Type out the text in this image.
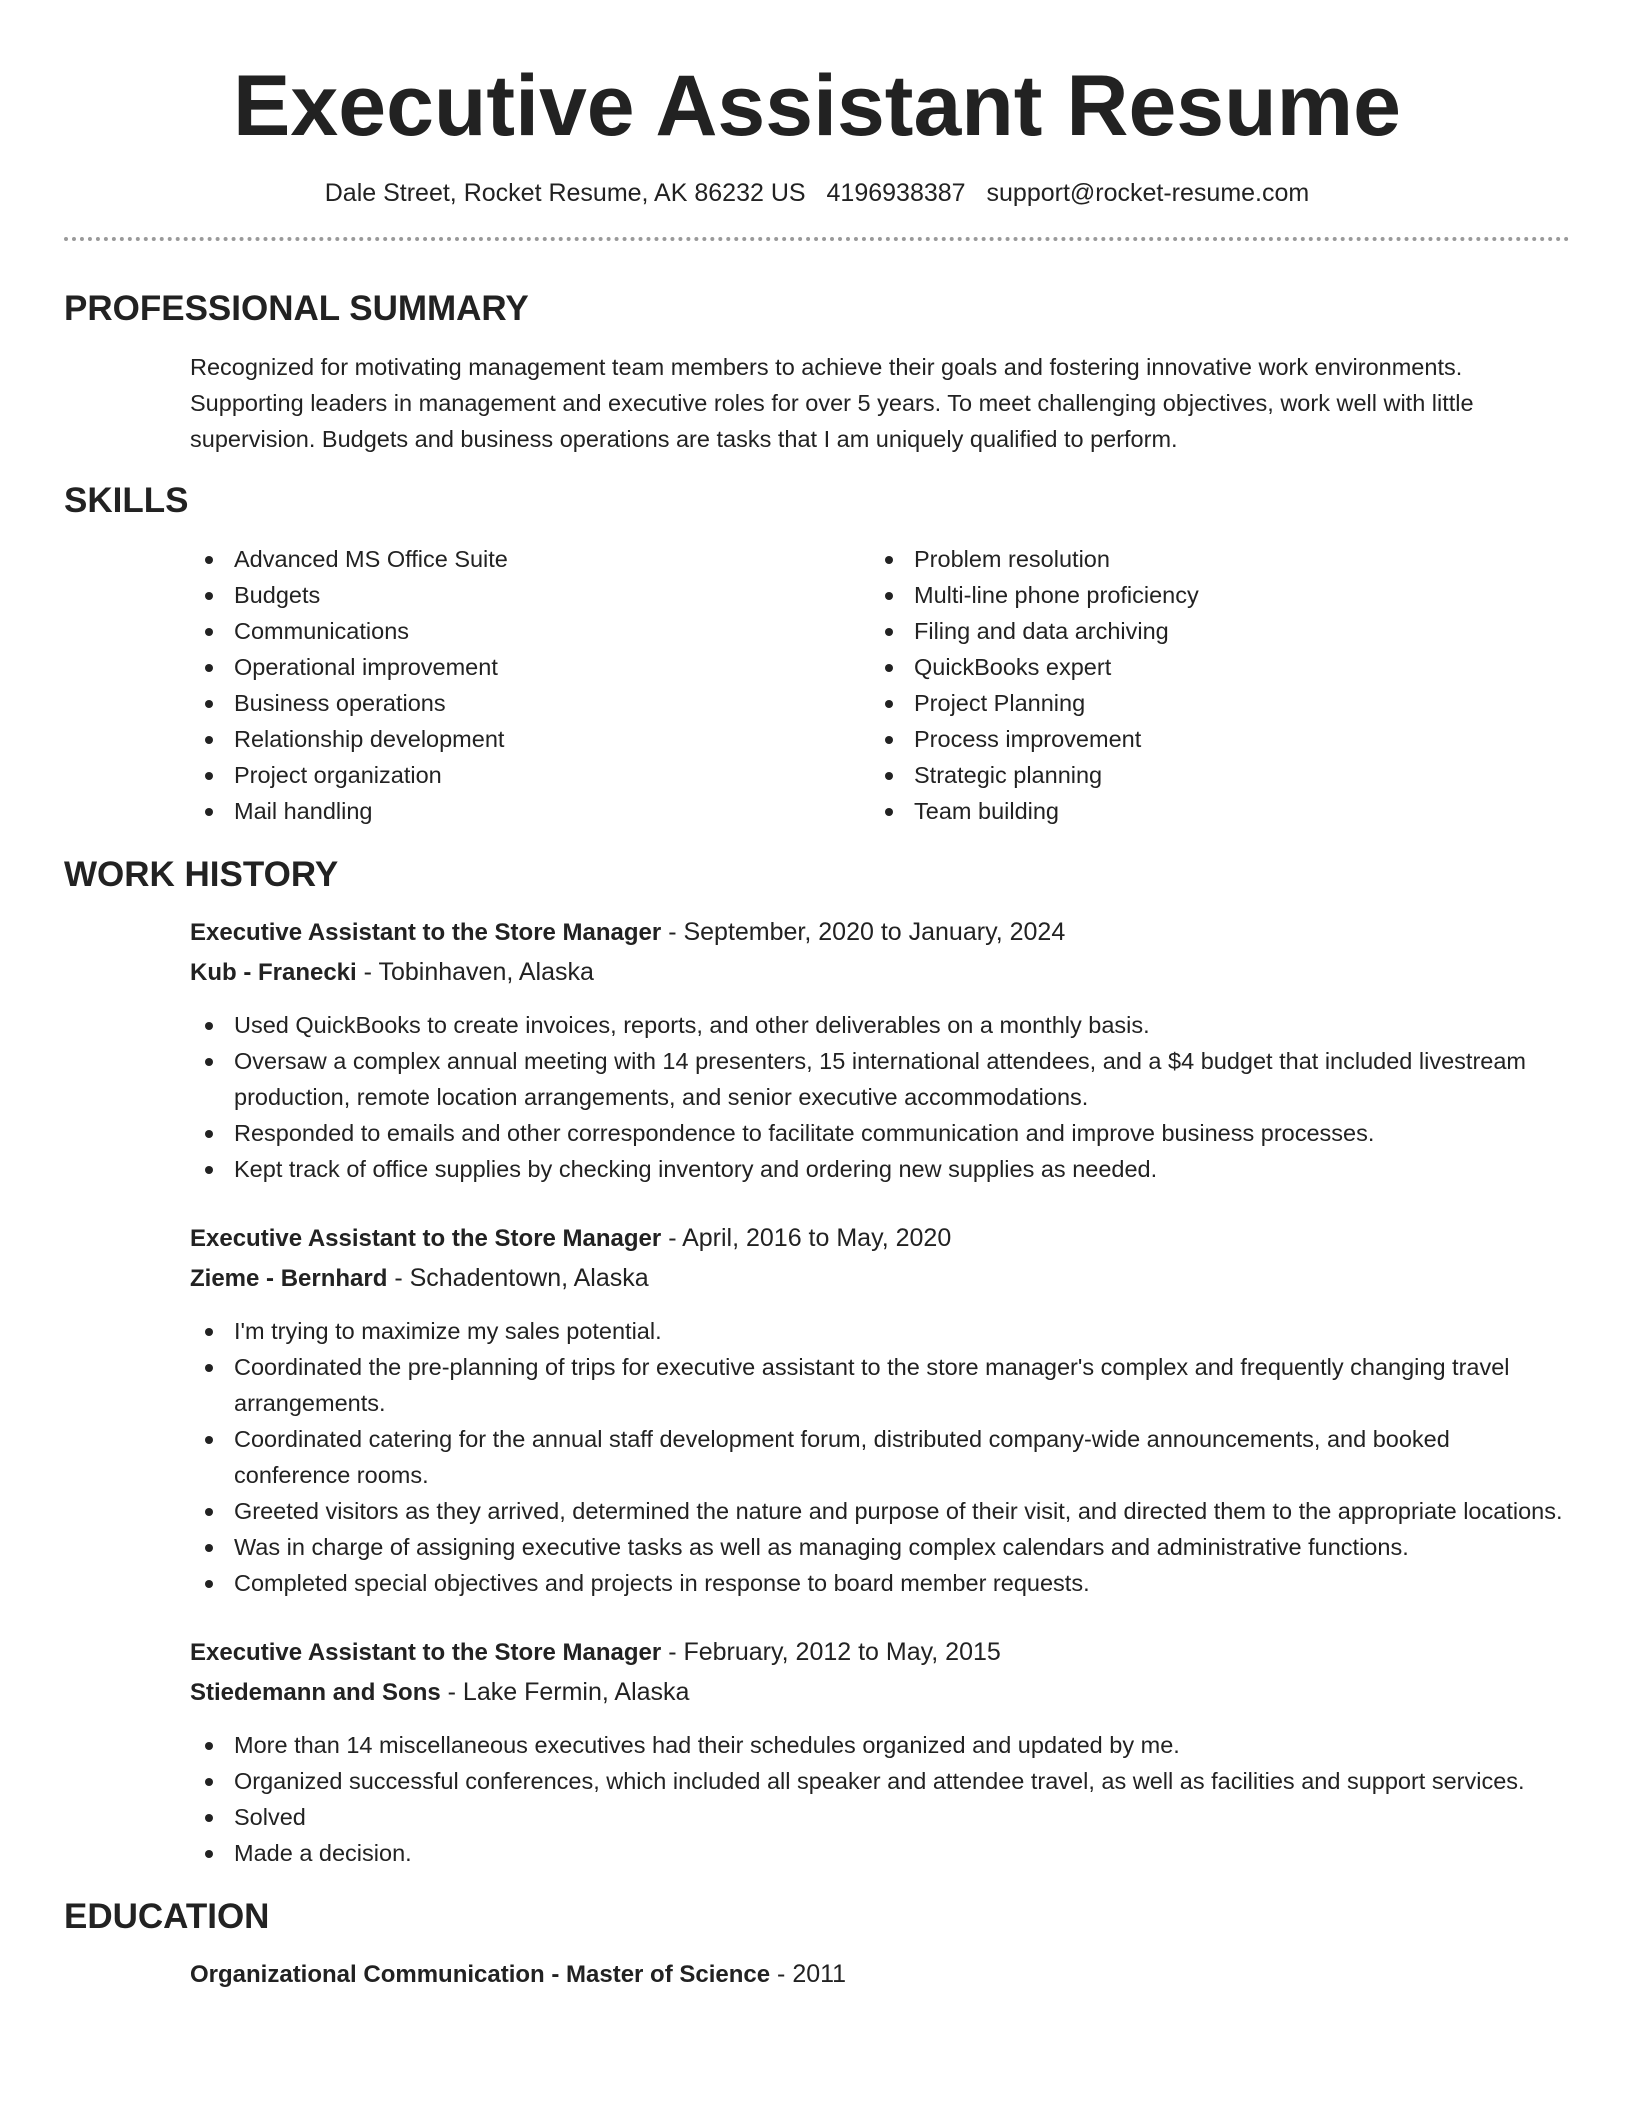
Executive Assistant Resume
Dale Street, Rocket Resume, AK 86232 US 4196938387 support@rocket-resume.com
PROFESSIONAL SUMMARY

Recognized for motivating management team members to achieve their goals and fostering innovative work environments. Supporting leaders in management and executive roles for over 5 years. To meet challenging objectives, work well with little supervision. Budgets and business operations are tasks that I am uniquely qualified to perform.

SKILLS
Advanced MS Office Suite
Budgets
Communications
Operational improvement
Business operations
Relationship development
Project organization
Mail handling
Problem resolution
Multi-line phone proficiency
Filing and data archiving
QuickBooks expert
Project Planning
Process improvement
Strategic planning
Team building
WORK HISTORY
Executive Assistant to the Store Manager - September, 2020 to January, 2024
Kub - Franecki - Tobinhaven, Alaska
Used QuickBooks to create invoices, reports, and other deliverables on a monthly basis.
Oversaw a complex annual meeting with 14 presenters, 15 international attendees, and a $4 budget that included livestream production, remote location arrangements, and senior executive accommodations.
Responded to emails and other correspondence to facilitate communication and improve business processes.
Kept track of office supplies by checking inventory and ordering new supplies as needed.
Executive Assistant to the Store Manager - April, 2016 to May, 2020
Zieme - Bernhard - Schadentown, Alaska
I'm trying to maximize my sales potential.
Coordinated the pre-planning of trips for executive assistant to the store manager's complex and frequently changing travel arrangements.
Coordinated catering for the annual staff development forum, distributed company-wide announcements, and booked conference rooms.
Greeted visitors as they arrived, determined the nature and purpose of their visit, and directed them to the appropriate locations.
Was in charge of assigning executive tasks as well as managing complex calendars and administrative functions.
Completed special objectives and projects in response to board member requests.
Executive Assistant to the Store Manager - February, 2012 to May, 2015
Stiedemann and Sons - Lake Fermin, Alaska
More than 14 miscellaneous executives had their schedules organized and updated by me.
Organized successful conferences, which included all speaker and attendee travel, as well as facilities and support services.
Solved
Made a decision.
EDUCATION
Organizational Communication - Master of Science - 2011
